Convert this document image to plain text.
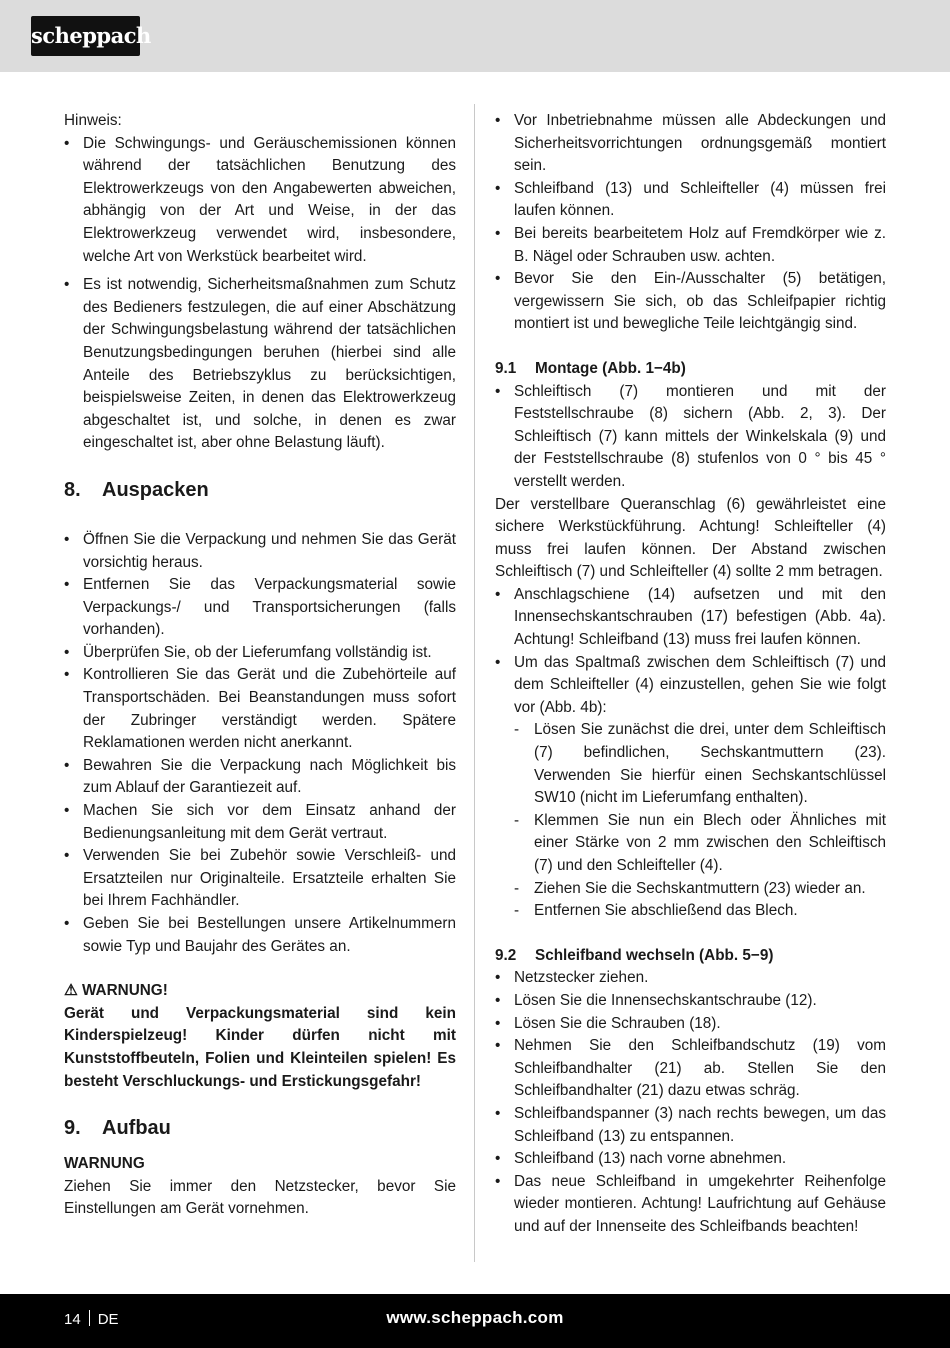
scheppach

Hinweis:

• Die Schwingungs- und Geräuschemissionen können während der tatsächlichen Benutzung des Elektrowerkzeugs von den Angabewerten abweichen, abhängig von der Art und Weise, in der das Elektrowerkzeug verwendet wird, insbesondere, welche Art von Werkstück bearbeitet wird.
• Es ist notwendig, Sicherheitsmaßnahmen zum Schutz des Bedieners festzulegen, die auf einer Abschätzung der Schwingungsbelastung während der tatsächlichen Benutzungsbedingungen beruhen (hierbei sind alle Anteile des Betriebszyklus zu berücksichtigen, beispielsweise Zeiten, in denen das Elektrowerkzeug abgeschaltet ist, und solche, in denen es zwar eingeschaltet ist, aber ohne Belastung läuft).
8. Auspacken
• Öffnen Sie die Verpackung und nehmen Sie das Gerät vorsichtig heraus.
• Entfernen Sie das Verpackungsmaterial sowie Verpackungs-/ und Transportsicherungen (falls vorhanden).
• Überprüfen Sie, ob der Lieferumfang vollständig ist.
• Kontrollieren Sie das Gerät und die Zubehörteile auf Transportschäden. Bei Beanstandungen muss sofort der Zubringer verständigt werden. Spätere Reklamationen werden nicht anerkannt.
• Bewahren Sie die Verpackung nach Möglichkeit bis zum Ablauf der Garantiezeit auf.
• Machen Sie sich vor dem Einsatz anhand der Bedienungsanleitung mit dem Gerät vertraut.
• Verwenden Sie bei Zubehör sowie Verschleiß- und Ersatzteilen nur Originalteile. Ersatzteile erhalten Sie bei Ihrem Fachhändler.
• Geben Sie bei Bestellungen unsere Artikelnummern sowie Typ und Baujahr des Gerätes an.

⚠ WARNUNG!

Gerät und Verpackungsmaterial sind kein Kinderspielzeug! Kinder dürfen nicht mit Kunststoffbeuteln, Folien und Kleinteilen spielen! Es besteht Verschluckungs- und Erstickungsgefahr!

9. Aufbau

WARNUNG

Ziehen Sie immer den Netzstecker, bevor Sie Einstellungen am Gerät vornehmen.

• Vor Inbetriebnahme müssen alle Abdeckungen und Sicherheitsvorrichtungen ordnungsgemäß montiert sein.
• Schleifband (13) und Schleifteller (4) müssen frei laufen können.
• Bei bereits bearbeitetem Holz auf Fremdkörper wie z. B. Nägel oder Schrauben usw. achten.
• Bevor Sie den Ein-/Ausschalter (5) betätigen, vergewissern Sie sich, ob das Schleifpapier richtig montiert ist und bewegliche Teile leichtgängig sind.
9.1 Montage (Abb. 1−4b)
• Schleiftisch (7) montieren und mit der Feststellschraube (8) sichern (Abb. 2, 3). Der Schleiftisch (7) kann mittels der Winkelskala (9) und der Feststellschraube (8) stufenlos von 0 ° bis 45 ° verstellt werden.

Der verstellbare Queranschlag (6) gewährleistet eine sichere Werkstückführung. Achtung! Schleifteller (4) muss frei laufen können. Der Abstand zwischen Schleiftisch (7) und Schleifteller (4) sollte 2 mm betragen.

• Anschlagschiene (14) aufsetzen und mit den Innensechskantschrauben (17) befestigen (Abb. 4a). Achtung! Schleifband (13) muss frei laufen können.
• Um das Spaltmaß zwischen dem Schleiftisch (7) und dem Schleifteller (4) einzustellen, gehen Sie wie folgt vor (Abb. 4b):
- Lösen Sie zunächst die drei, unter dem Schleiftisch (7) befindlichen, Sechskantmuttern (23). Verwenden Sie hierfür einen Sechskantschlüssel SW10 (nicht im Lieferumfang enthalten).
- Klemmen Sie nun ein Blech oder Ähnliches mit einer Stärke von 2 mm zwischen den Schleiftisch (7) und den Schleifteller (4).
- Ziehen Sie die Sechskantmuttern (23) wieder an.
- Entfernen Sie abschließend das Blech.
9.2 Schleifband wechseln (Abb. 5−9)
• Netzstecker ziehen.
• Lösen Sie die Innensechskantschraube (12).
• Lösen Sie die Schrauben (18).
• Nehmen Sie den Schleifbandschutz (19) vom Schleifbandhalter (21) ab. Stellen Sie den Schleifbandhalter (21) dazu etwas schräg.
• Schleifbandspanner (3) nach rechts bewegen, um das Schleifband (13) zu entspannen.
• Schleifband (13) nach vorne abnehmen.
• Das neue Schleifband in umgekehrter Reihenfolge wieder montieren. Achtung! Laufrichtung auf Gehäuse und auf der Innenseite des Schleifbands beachten!
14 DE	www.scheppach.com
